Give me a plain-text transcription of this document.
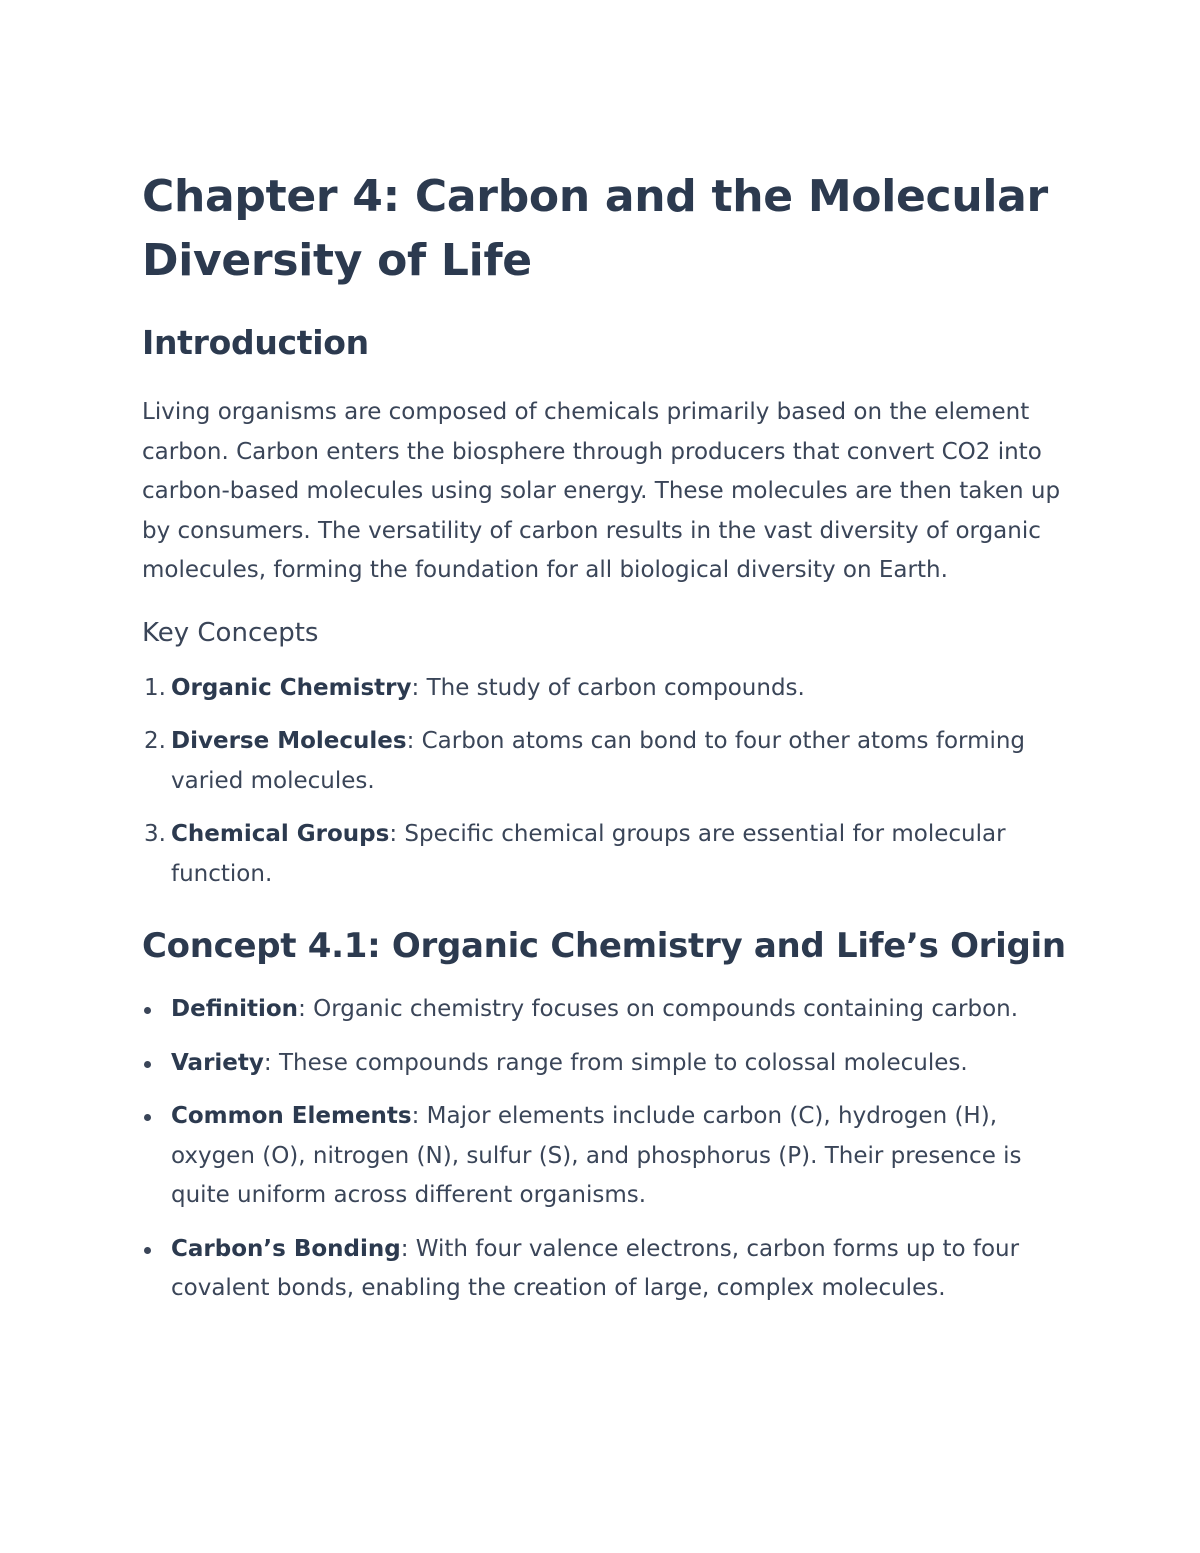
Chapter 4: Carbon and the Molecular Diversity of Life
Introduction

Living organisms are composed of chemicals primarily based on the element carbon. Carbon enters the biosphere through producers that convert CO2 into carbon-based molecules using solar energy. These molecules are then taken up by consumers. The versatility of carbon results in the vast diversity of organic molecules, forming the foundation for all biological diversity on Earth.

Key Concepts
1. Organic Chemistry: The study of carbon compounds.
2. Diverse Molecules: Carbon atoms can bond to four other atoms forming varied molecules.
3. Chemical Groups: Specific chemical groups are essential for molecular function.
Concept 4.1: Organic Chemistry and Life’s Origin
Definition: Organic chemistry focuses on compounds containing carbon.
Variety: These compounds range from simple to colossal molecules.
Common Elements: Major elements include carbon (C), hydrogen (H), oxygen (O), nitrogen (N), sulfur (S), and phosphorus (P). Their presence is quite uniform across different organisms.
Carbon’s Bonding: With four valence electrons, carbon forms up to four covalent bonds, enabling the creation of large, complex molecules.
